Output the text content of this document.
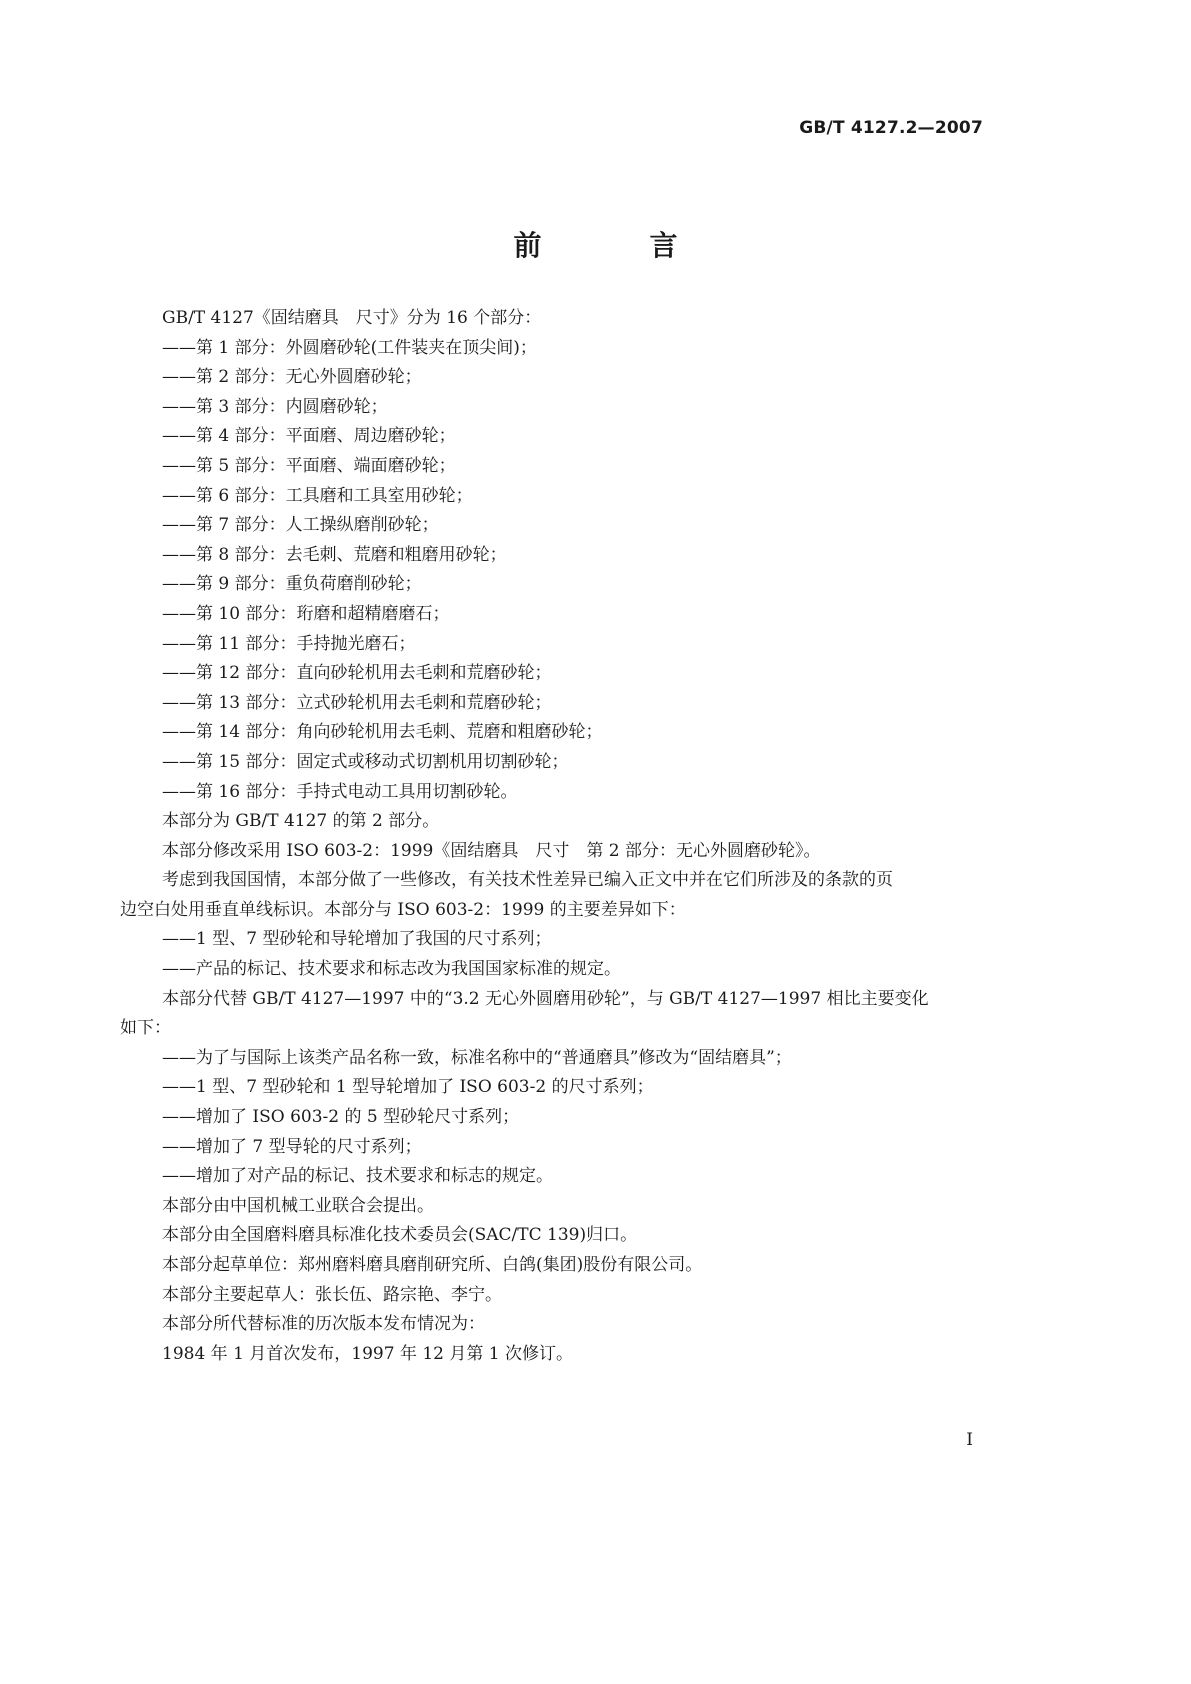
GB/T 4127.2—2007
前　言

GB/T 4127《固结磨具　尺寸》分为 16 个部分：

——第 1 部分：外圆磨砂轮(工件装夹在顶尖间)；

——第 2 部分：无心外圆磨砂轮；

——第 3 部分：内圆磨砂轮；

——第 4 部分：平面磨、周边磨砂轮；

——第 5 部分：平面磨、端面磨砂轮；

——第 6 部分：工具磨和工具室用砂轮；

——第 7 部分：人工操纵磨削砂轮；

——第 8 部分：去毛刺、荒磨和粗磨用砂轮；

——第 9 部分：重负荷磨削砂轮；

——第 10 部分：珩磨和超精磨磨石；

——第 11 部分：手持抛光磨石；

——第 12 部分：直向砂轮机用去毛刺和荒磨砂轮；

——第 13 部分：立式砂轮机用去毛刺和荒磨砂轮；

——第 14 部分：角向砂轮机用去毛刺、荒磨和粗磨砂轮；

——第 15 部分：固定式或移动式切割机用切割砂轮；

——第 16 部分：手持式电动工具用切割砂轮。

本部分为 GB/T 4127 的第 2 部分。

本部分修改采用 ISO 603-2：1999《固结磨具　尺寸　第 2 部分：无心外圆磨砂轮》。

考虑到我国国情，本部分做了一些修改，有关技术性差异已编入正文中并在它们所涉及的条款的页

边空白处用垂直单线标识。本部分与 ISO 603-2：1999 的主要差异如下：

——1 型、7 型砂轮和导轮增加了我国的尺寸系列；

——产品的标记、技术要求和标志改为我国国家标准的规定。

本部分代替 GB/T 4127—1997 中的“3.2 无心外圆磨用砂轮”，与 GB/T 4127—1997 相比主要变化

如下：

——为了与国际上该类产品名称一致，标准名称中的“普通磨具”修改为“固结磨具”；

——1 型、7 型砂轮和 1 型导轮增加了 ISO 603-2 的尺寸系列；

——增加了 ISO 603-2 的 5 型砂轮尺寸系列；

——增加了 7 型导轮的尺寸系列；

——增加了对产品的标记、技术要求和标志的规定。

本部分由中国机械工业联合会提出。

本部分由全国磨料磨具标准化技术委员会(SAC/TC 139)归口。

本部分起草单位：郑州磨料磨具磨削研究所、白鸽(集团)股份有限公司。

本部分主要起草人：张长伍、路宗艳、李宁。

本部分所代替标准的历次版本发布情况为：

1984 年 1 月首次发布，1997 年 12 月第 1 次修订。

I
